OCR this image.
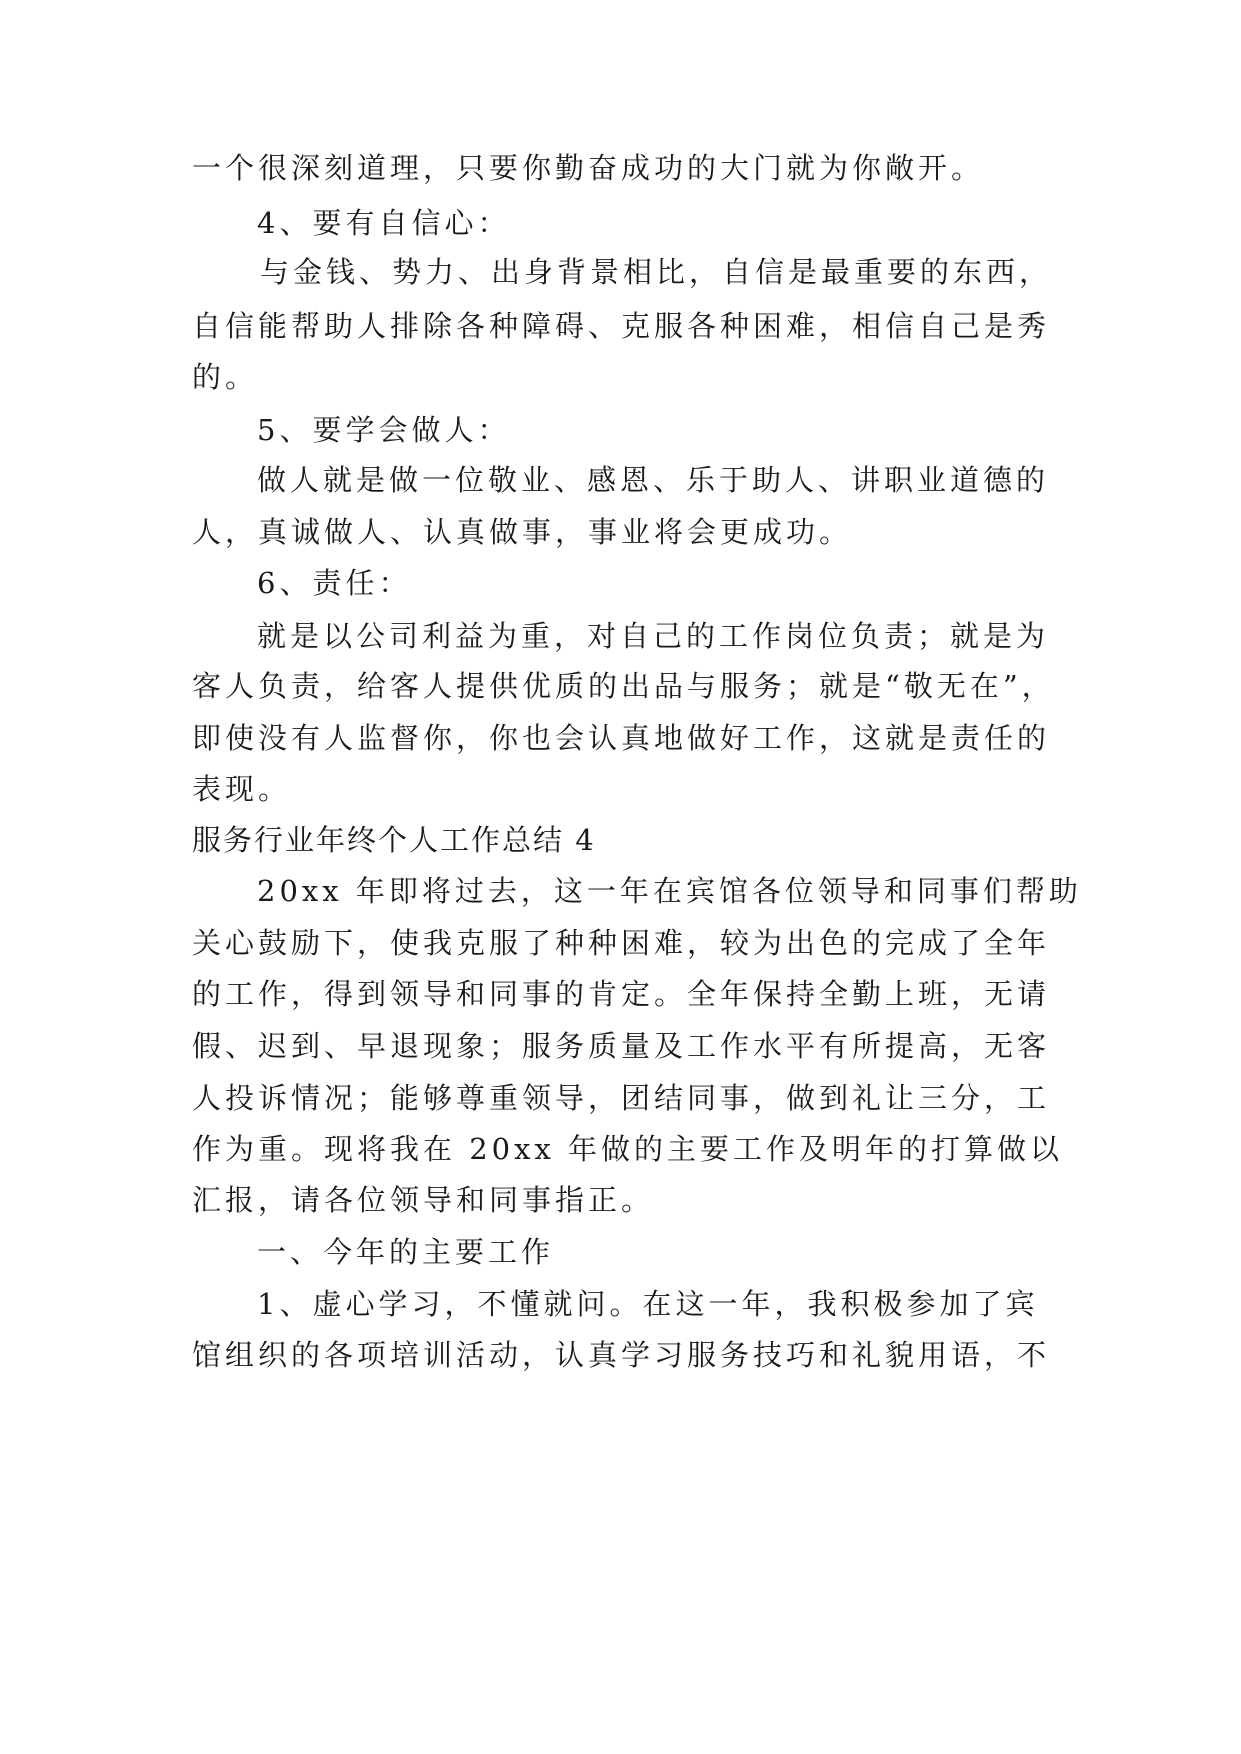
一个很深刻道理，只要你勤奋成功的大门就为你敞开。
4、要有自信心：
与金钱、势力、出身背景相比，自信是最重要的东西，
自信能帮助人排除各种障碍、克服各种困难，相信自己是秀
的。
5、要学会做人：
做人就是做一位敬业、感恩、乐于助人、讲职业道德的
人，真诚做人、认真做事，事业将会更成功。
6、责任：
就是以公司利益为重，对自己的工作岗位负责；就是为
客人负责，给客人提供优质的出品与服务；就是“敬无在”，
即使没有人监督你，你也会认真地做好工作，这就是责任的
表现。
服务行业年终个人工作总结 4
20xx 年即将过去，这一年在宾馆各位领导和同事们帮助
关心鼓励下，使我克服了种种困难，较为出色的完成了全年
的工作，得到领导和同事的肯定。全年保持全勤上班，无请
假、迟到、早退现象；服务质量及工作水平有所提高，无客
人投诉情况；能够尊重领导，团结同事，做到礼让三分，工
作为重。现将我在 20xx 年做的主要工作及明年的打算做以
汇报，请各位领导和同事指正。
一、今年的主要工作
1、虚心学习，不懂就问。在这一年，我积极参加了宾
馆组织的各项培训活动，认真学习服务技巧和礼貌用语，不
